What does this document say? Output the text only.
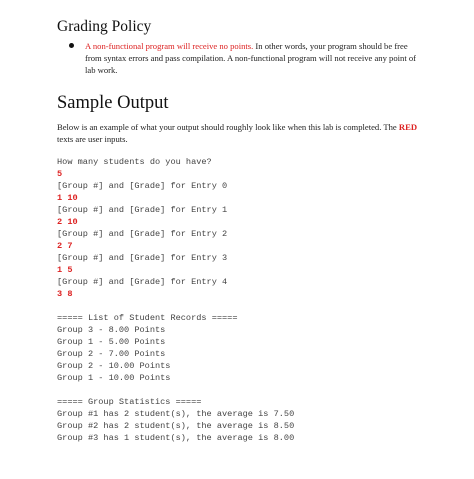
Grading Policy
A non-functional program will receive no points. In other words, your program should be free from syntax errors and pass compilation. A non-functional program will not receive any point of lab work.
Sample Output
Below is an example of what your output should roughly look like when this lab is completed. The RED texts are user inputs.
How many students do you have?
5
[Group #] and [Grade] for Entry 0
1 10
[Group #] and [Grade] for Entry 1
2 10
[Group #] and [Grade] for Entry 2
2 7
[Group #] and [Grade] for Entry 3
1 5
[Group #] and [Grade] for Entry 4
3 8
===== List of Student Records =====
Group 3 - 8.00 Points
Group 1 - 5.00 Points
Group 2 - 7.00 Points
Group 2 - 10.00 Points
Group 1 - 10.00 Points
===== Group Statistics =====
Group #1 has 2 student(s), the average is 7.50
Group #2 has 2 student(s), the average is 8.50
Group #3 has 1 student(s), the average is 8.00
